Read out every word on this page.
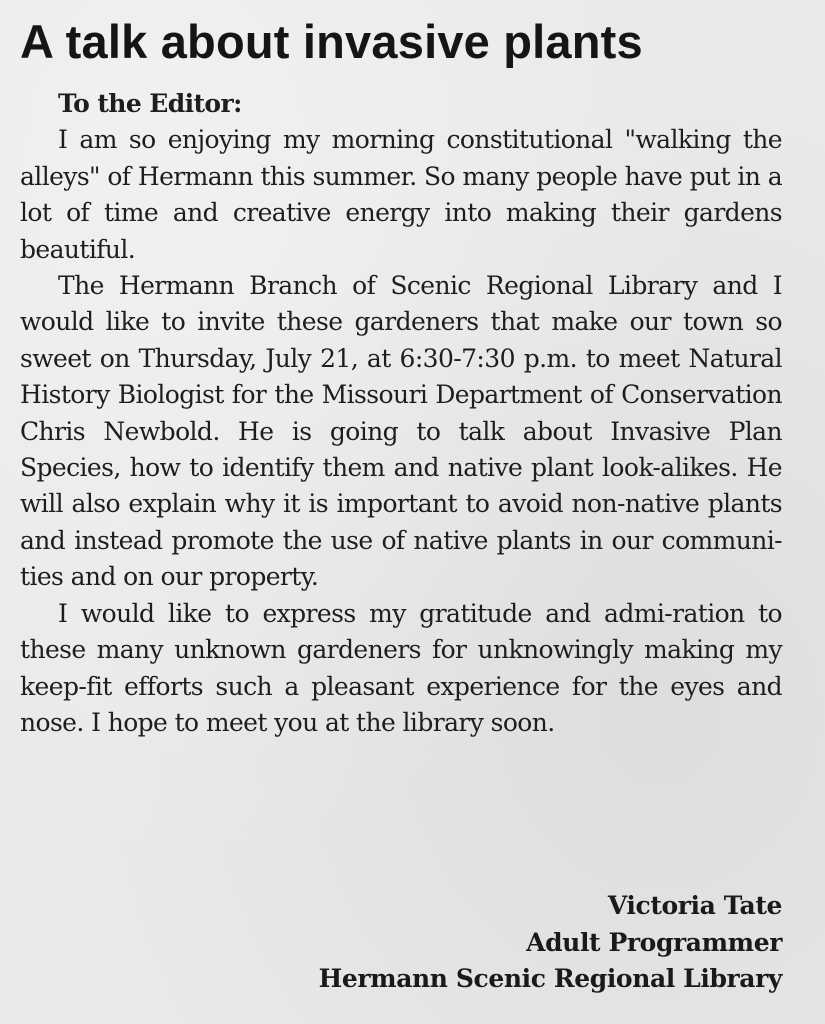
A talk about invasive plants

To the Editor:

I am so enjoying my morning constitutional "walking the alleys" of Hermann this summer. So many people have put in a lot of time and creative energy into making their gardens beautiful.

The Hermann Branch of Scenic Regional Library and I would like to invite these gardeners that make our town so sweet on Thursday, July 21, at 6:30-7:30 p.m. to meet Natural History Biologist for the Missouri Department of Conservation Chris Newbold. He is going to talk about Invasive Plan Species, how to identify them and native plant look-alikes. He will also explain why it is important to avoid non-native plants and instead promote the use of native plants in our communi-ties and on our property.

I would like to express my gratitude and admi-ration to these many unknown gardeners for unknowingly making my keep-fit efforts such a pleasant experience for the eyes and nose. I hope to meet you at the library soon.

Victoria Tate
Adult Programmer
Hermann Scenic Regional Library
